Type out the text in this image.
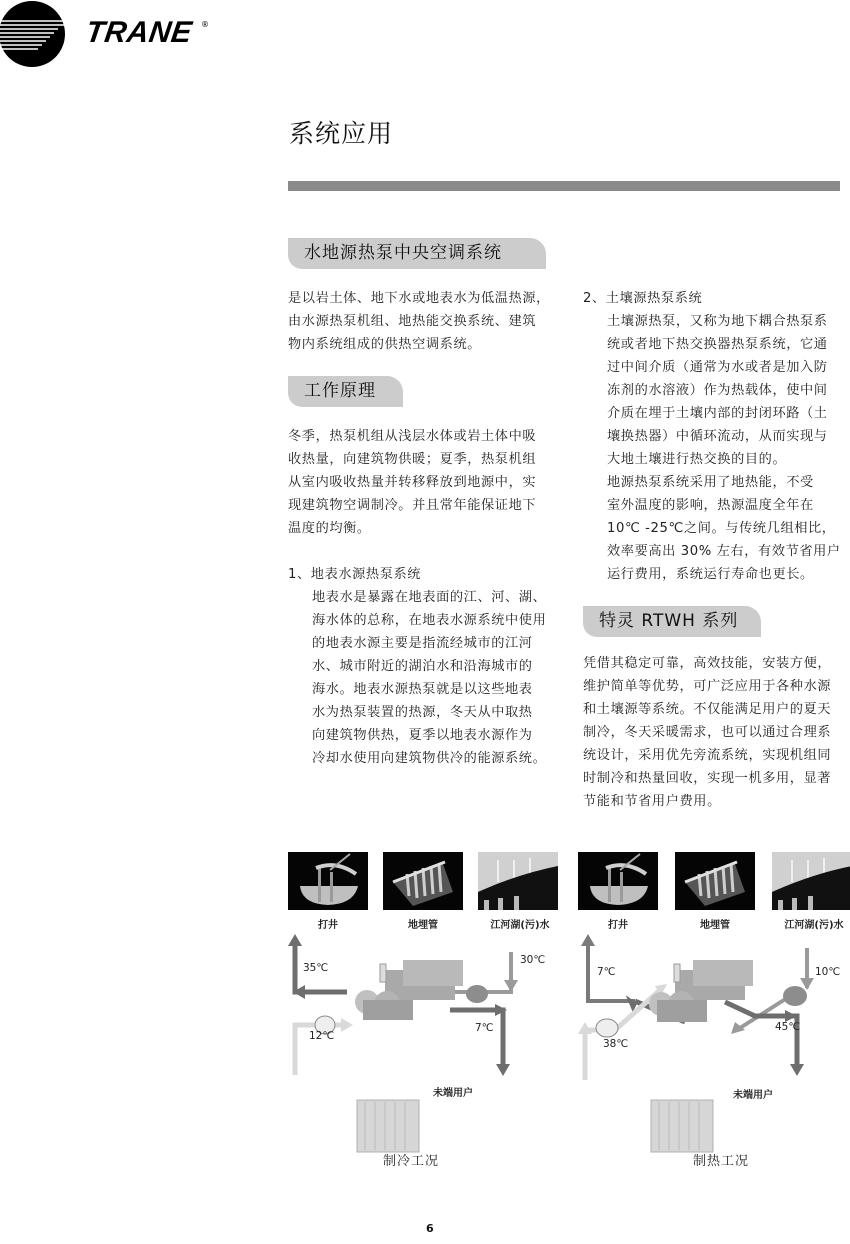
TRANE ®
系统应用
水地源热泵中央空调系统

是以岩土体、地下水或地表水为低温热源，

由水源热泵机组、地热能交换系统、建筑

物内系统组成的供热空调系统。

工作原理

冬季，热泵机组从浅层水体或岩土体中吸

收热量，向建筑物供暖；夏季，热泵机组

从室内吸收热量并转移释放到地源中，实

现建筑物空调制冷。并且常年能保证地下

温度的均衡。

1、地表水源热泵系统

地表水是暴露在地表面的江、河、湖、

海水体的总称，在地表水源系统中使用

的地表水源主要是指流经城市的江河

水、城市附近的湖泊水和沿海城市的

海水。地表水源热泵就是以这些地表

水为热泵装置的热源，冬天从中取热

向建筑物供热，夏季以地表水源作为

冷却水使用向建筑物供冷的能源系统。

2、土壤源热泵系统

土壤源热泵，又称为地下耦合热泵系

统或者地下热交换器热泵系统，它通

过中间介质（通常为水或者是加入防

冻剂的水溶液）作为热载体，使中间

介质在埋于土壤内部的封闭环路（土

壤换热器）中循环流动，从而实现与

大地土壤进行热交换的目的。

地源热泵系统采用了地热能，不受

室外温度的影响，热源温度全年在

10℃ -25℃之间。与传统几组相比，

效率要高出 30% 左右，有效节省用户

运行费用，系统运行寿命也更长。

特灵 RTWH 系列

凭借其稳定可靠，高效技能，安装方便，

维护简单等优势，可广泛应用于各种水源

和土壤源等系统。不仅能满足用户的夏天

制冷，冬天采暖需求，也可以通过合理系

统设计，采用优先旁流系统，实现机组同

时制冷和热量回收，实现一机多用，显著

节能和节省用户费用。

打井	地埋管	江河湖(污)水
35℃
30℃
12℃
7℃
未端用户
制冷工况
打井	地埋管	江河湖(污)水
7℃	10℃
38℃
45℃
未端用户
制热工况
6
